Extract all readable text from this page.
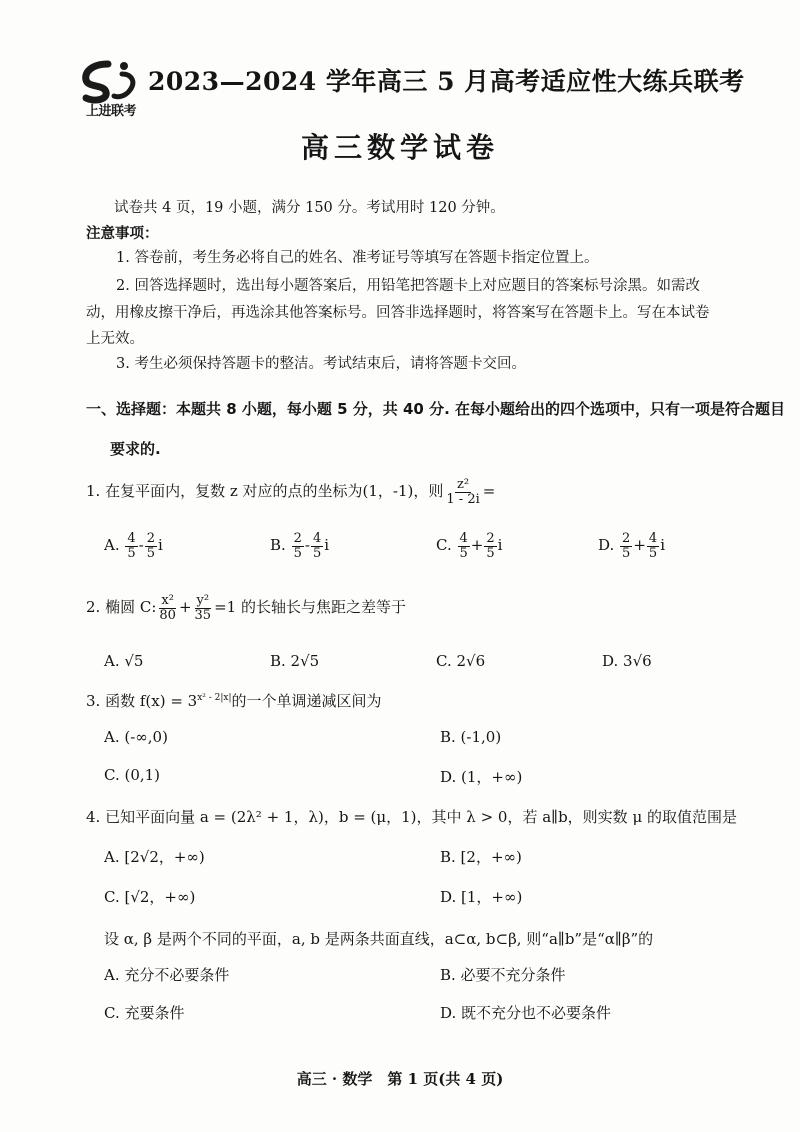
上进联考
2023—2024 学年高三 5 月高考适应性大练兵联考
高三数学试卷
试卷共 4 页，19 小题，满分 150 分。考试用时 120 分钟。
注意事项：
1. 答卷前，考生务必将自己的姓名、准考证号等填写在答题卡指定位置上。
2. 回答选择题时，选出每小题答案后，用铅笔把答题卡上对应题目的答案标号涂黑。如需改
动，用橡皮擦干净后，再选涂其他答案标号。回答非选择题时，将答案写在答题卡上。写在本试卷
上无效。
3. 考生必须保持答题卡的整洁。考试结束后，请将答题卡交回。
一、选择题：本题共 8 小题，每小题 5 分，共 40 分. 在每小题给出的四个选项中，只有一项是符合题目
要求的.
1. 在复平面内，复数 z 对应的点的坐标为(1，-1)，则 $\frac{\text{z²}}{1 - 2i}$ =
A. $\frac{4}{5} - \frac{2}{5}$ i	B. $\frac{2}{5} - \frac{4}{5}$ i	C. $\frac{4}{5} + \frac{2}{5}$ i	D. $\frac{2}{5} + \frac{4}{5}$ i
2. 椭圆 C: $\frac{\text{x²}}{80} + \frac{\text{y²}}{35} =1$ 的长轴长与焦距之差等于
A. √5	B. 2√5	C. 2√6	D. 3√6
3. 函数 $f(x) = 3^{x^2 - 2|x|}$的一个单调递减区间为
A. (-∞,0)	B. (-1,0)
C. (0,1)	D. (1，+∞)
4. 已知平面向量 a = (2λ² + 1，λ)，b = (μ，1)，其中 λ > 0，若 a∥b，则实数 μ 的取值范围是
A. [2√2，+∞)	B. [2，+∞)
C. [√2，+∞)	D. [1，+∞)
设 α, β 是两个不同的平面，a, b 是两条共面直线，a⊂α, b⊂β, 则“a∥b”是“α∥β”的
A. 充分不必要条件	B. 必要不充分条件
C. 充要条件	D. 既不充分也不必要条件
高三 · 数学　第 1 页(共 4 页)
